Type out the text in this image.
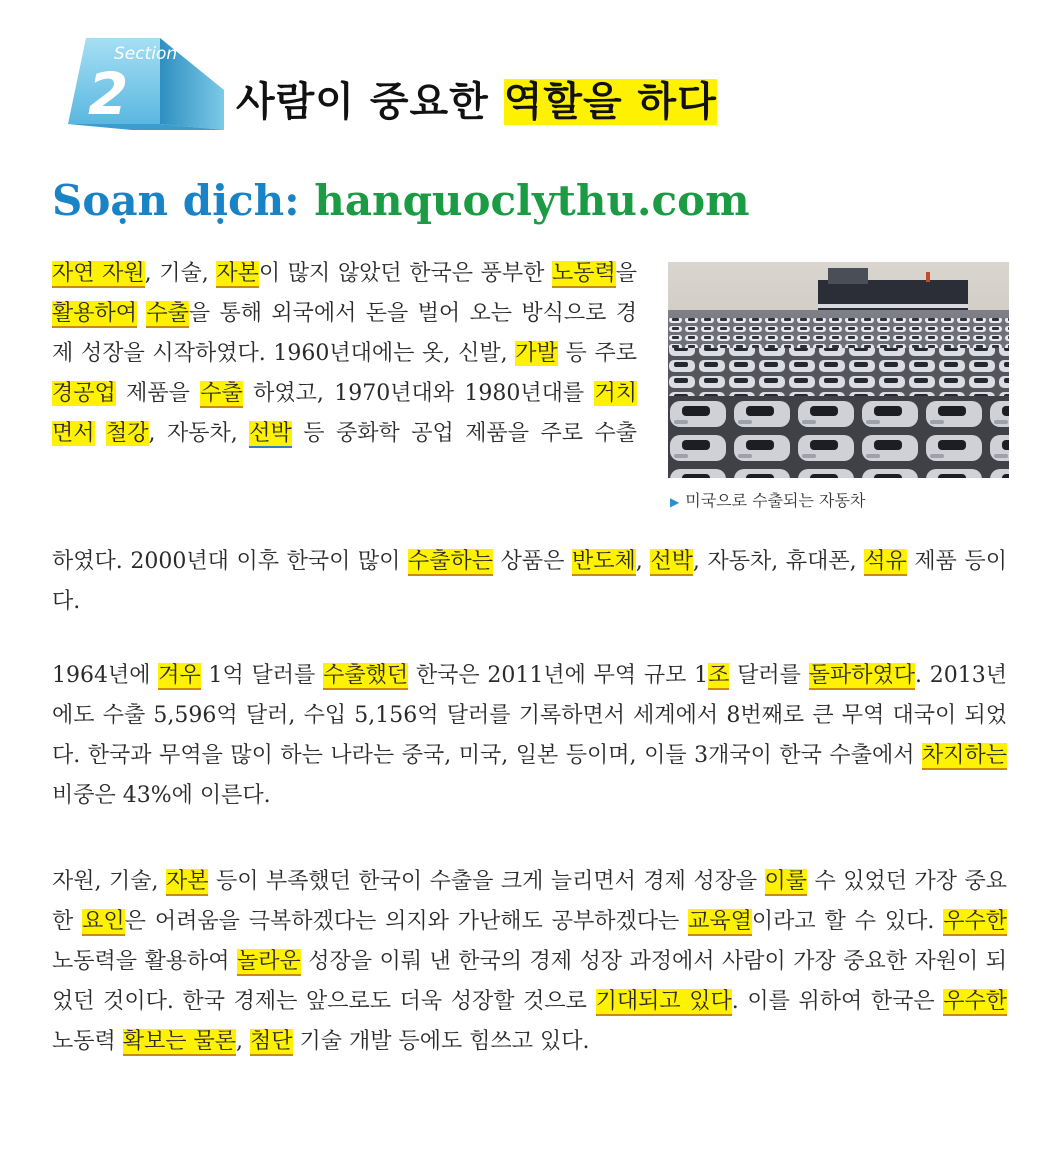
Section
2	사람이 중요한 역할을 하다

Soạn dịch: hanquoclythu.com

자연 자원, 기술, 자본이 많지 않았던 한국은 풍부한 노동력을 활용하여 수출을 통해 외국에서 돈을 벌어 오는 방식으로 경제 성장을 시작하였다. 1960년대에는 옷, 신발, 가발 등 주로 경공업 제품을 수출 하였고, 1970년대와 1980년대를 거치면서 철강, 자동차, 선박 등 중화학 공업 제품을 주로 수출

▶ 미국으로 수출되는 자동차

하였다. 2000년대 이후 한국이 많이 수출하는 상품은 반도체, 선박, 자동차, 휴대폰, 석유 제품 등이다.

1964년에 겨우 1억 달러를 수출했던 한국은 2011년에 무역 규모 1조 달러를 돌파하였다. 2013년에도 수출 5,596억 달러, 수입 5,156억 달러를 기록하면서 세계에서 8번째로 큰 무역 대국이 되었다. 한국과 무역을 많이 하는 나라는 중국, 미국, 일본 등이며, 이들 3개국이 한국 수출에서 차지하는 비중은 43%에 이른다.

자원, 기술, 자본 등이 부족했던 한국이 수출을 크게 늘리면서 경제 성장을 이룰 수 있었던 가장 중요한 요인은 어려움을 극복하겠다는 의지와 가난해도 공부하겠다는 교육열이라고 할 수 있다. 우수한 노동력을 활용하여 놀라운 성장을 이뤄 낸 한국의 경제 성장 과정에서 사람이 가장 중요한 자원이 되었던 것이다. 한국 경제는 앞으로도 더욱 성장할 것으로 기대되고 있다. 이를 위하여 한국은 우수한 노동력 확보는 물론, 첨단 기술 개발 등에도 힘쓰고 있다.
